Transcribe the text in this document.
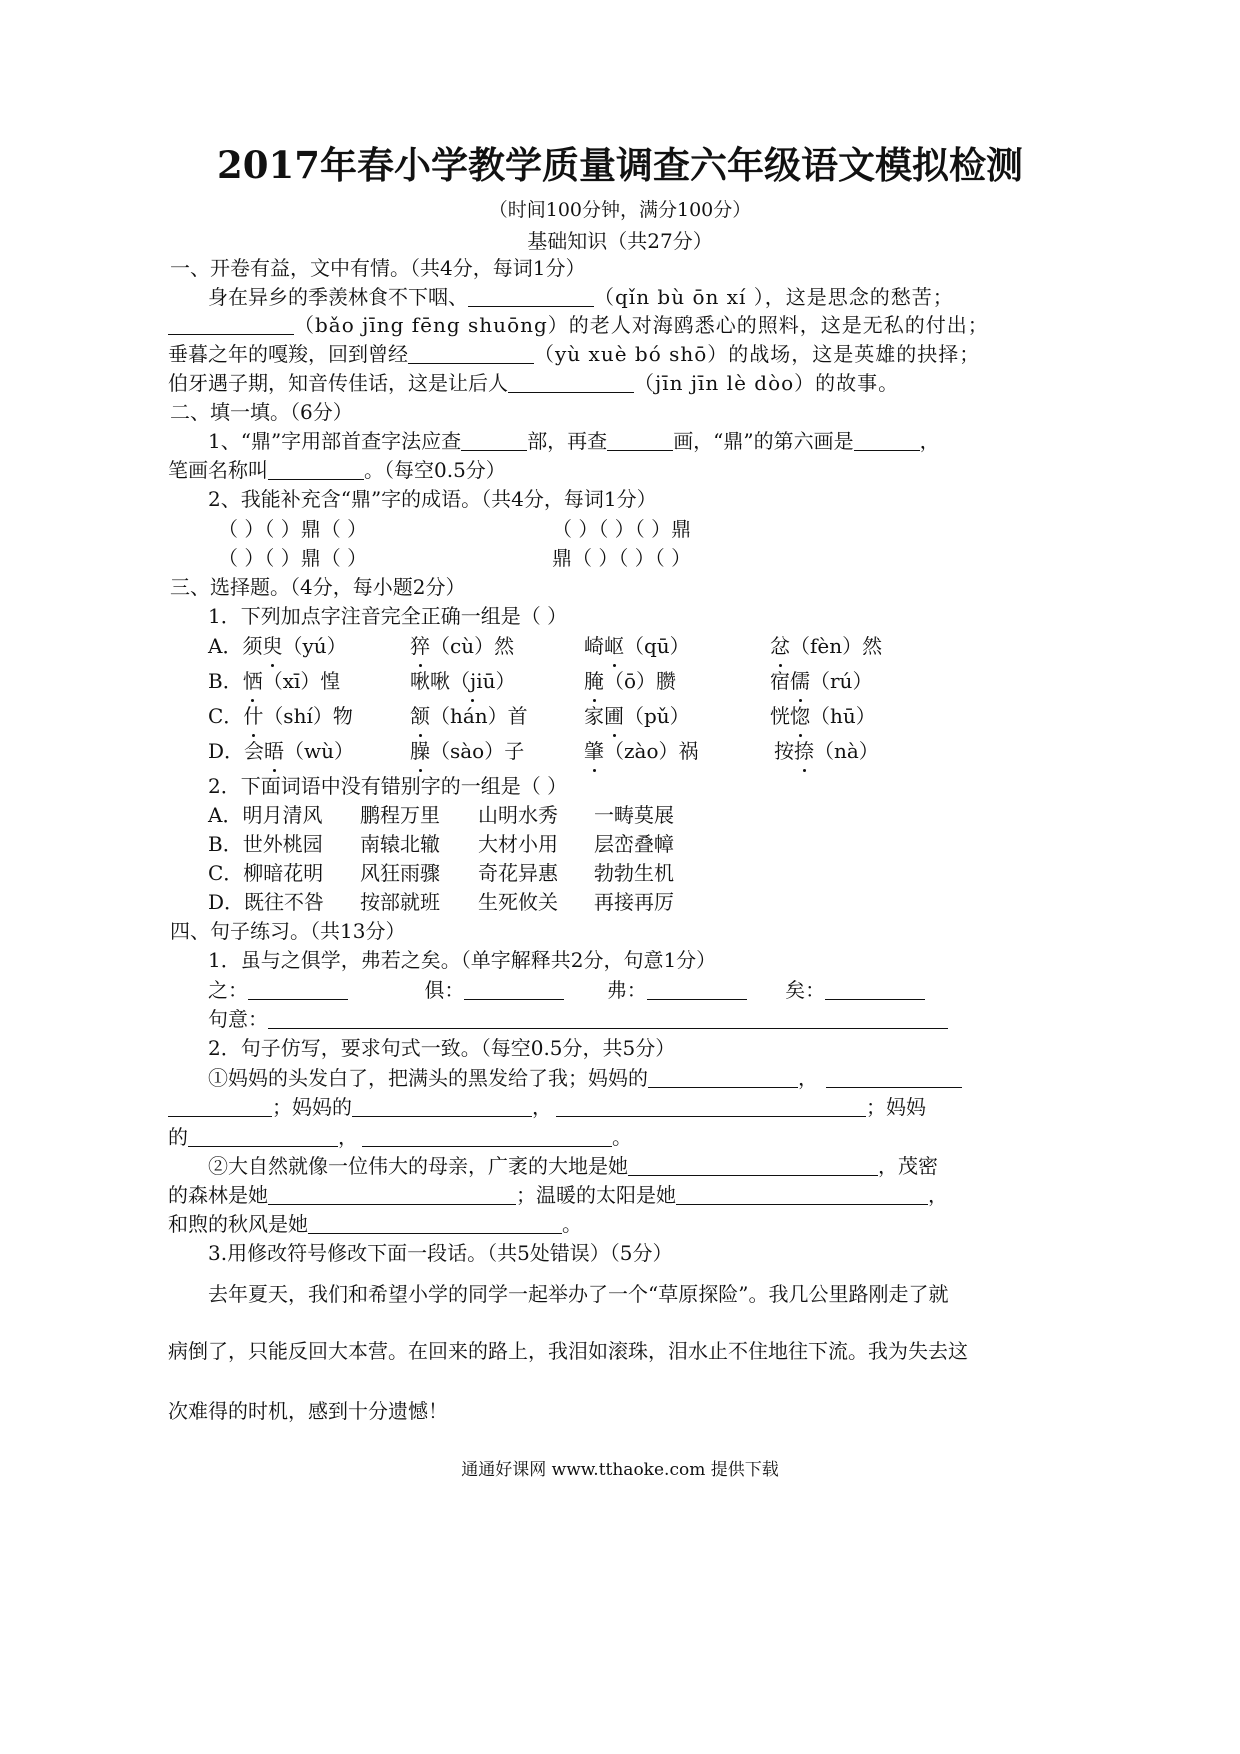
2017年春小学教学质量调查六年级语文模拟检测
（时间100分钟，满分100分）
基础知识（共27分）
一、开卷有益，文中有情。（共4分，每词1分）
身在异乡的季羡林食不下咽、	（qǐn bù ōn xí ），这是思念的愁苦；
（bǎo jīng fēng shuōng）的老人对海鸥悉心的照料，这是无私的付出；
垂暮之年的嘎羧，回到曾经	（yù xuè bó shō）的战场，这是英雄的抉择；
伯牙遇子期，知音传佳话，这是让后人	（jīn jīn lè dòo）的故事。
二、填一填。（6分）
1、“鼎”字用部首查字法应查	部，再查	画，“鼎”的第六画是	，
笔画名称叫	。（每空0.5分）
2、我能补充含“鼎”字的成语。（共4分，每词1分）
（ ）（ ）鼎（ ）	（ ）（ ）（ ）鼎
（ ）（ ）鼎（ ）	鼎（ ）（ ）（ ）
三、选择题。（4分，每小题2分）
1．下列加点字注音完全正确一组是（ ）
A．须臾（yú）	猝（cù）然	崎岖（qū）	忿（fèn）然
B．恓（xī）惶	啾啾（jiū）	腌（ō）臜	宿儒（rú）
C．什（shí）物	颔（hán）首	家圃（pǔ）	恍惚（hū）
D．会晤（wù）	臊（sào）子	肇（zào）祸	按捺（nà）
2．下面词语中没有错别字的一组是（ ）
A．明月清风 鹏程万里 山明水秀 一畴莫展
B．世外桃园 南辕北辙 大材小用 层峦叠幛
C．柳暗花明 风狂雨骤 奇花异惠 勃勃生机
D．既往不咎 按部就班 生死攸关 再接再厉
四、句子练习。（共13分）
1．虽与之俱学，弗若之矣。（单字解释共2分，句意1分）
之：	俱：	弗：	矣：
句意：
2．句子仿写，要求句式一致。（每空0.5分，共5分）
①妈妈的头发白了，把满头的黑发给了我；妈妈的	，
；妈妈的	，	；妈妈
的	，	。
②大自然就像一位伟大的母亲，广袤的大地是她	，茂密
的森林是她	；温暖的太阳是她	，
和煦的秋风是她	。
3.用修改符号修改下面一段话。（共5处错误）（5分）
去年夏天，我们和希望小学的同学一起举办了一个“草原探险”。我几公里路刚走了就
病倒了，只能反回大本营。在回来的路上，我泪如滚珠，泪水止不住地往下流。我为失去这
次难得的时机，感到十分遗憾！
通通好课网 www.tthaoke.com 提供下载
